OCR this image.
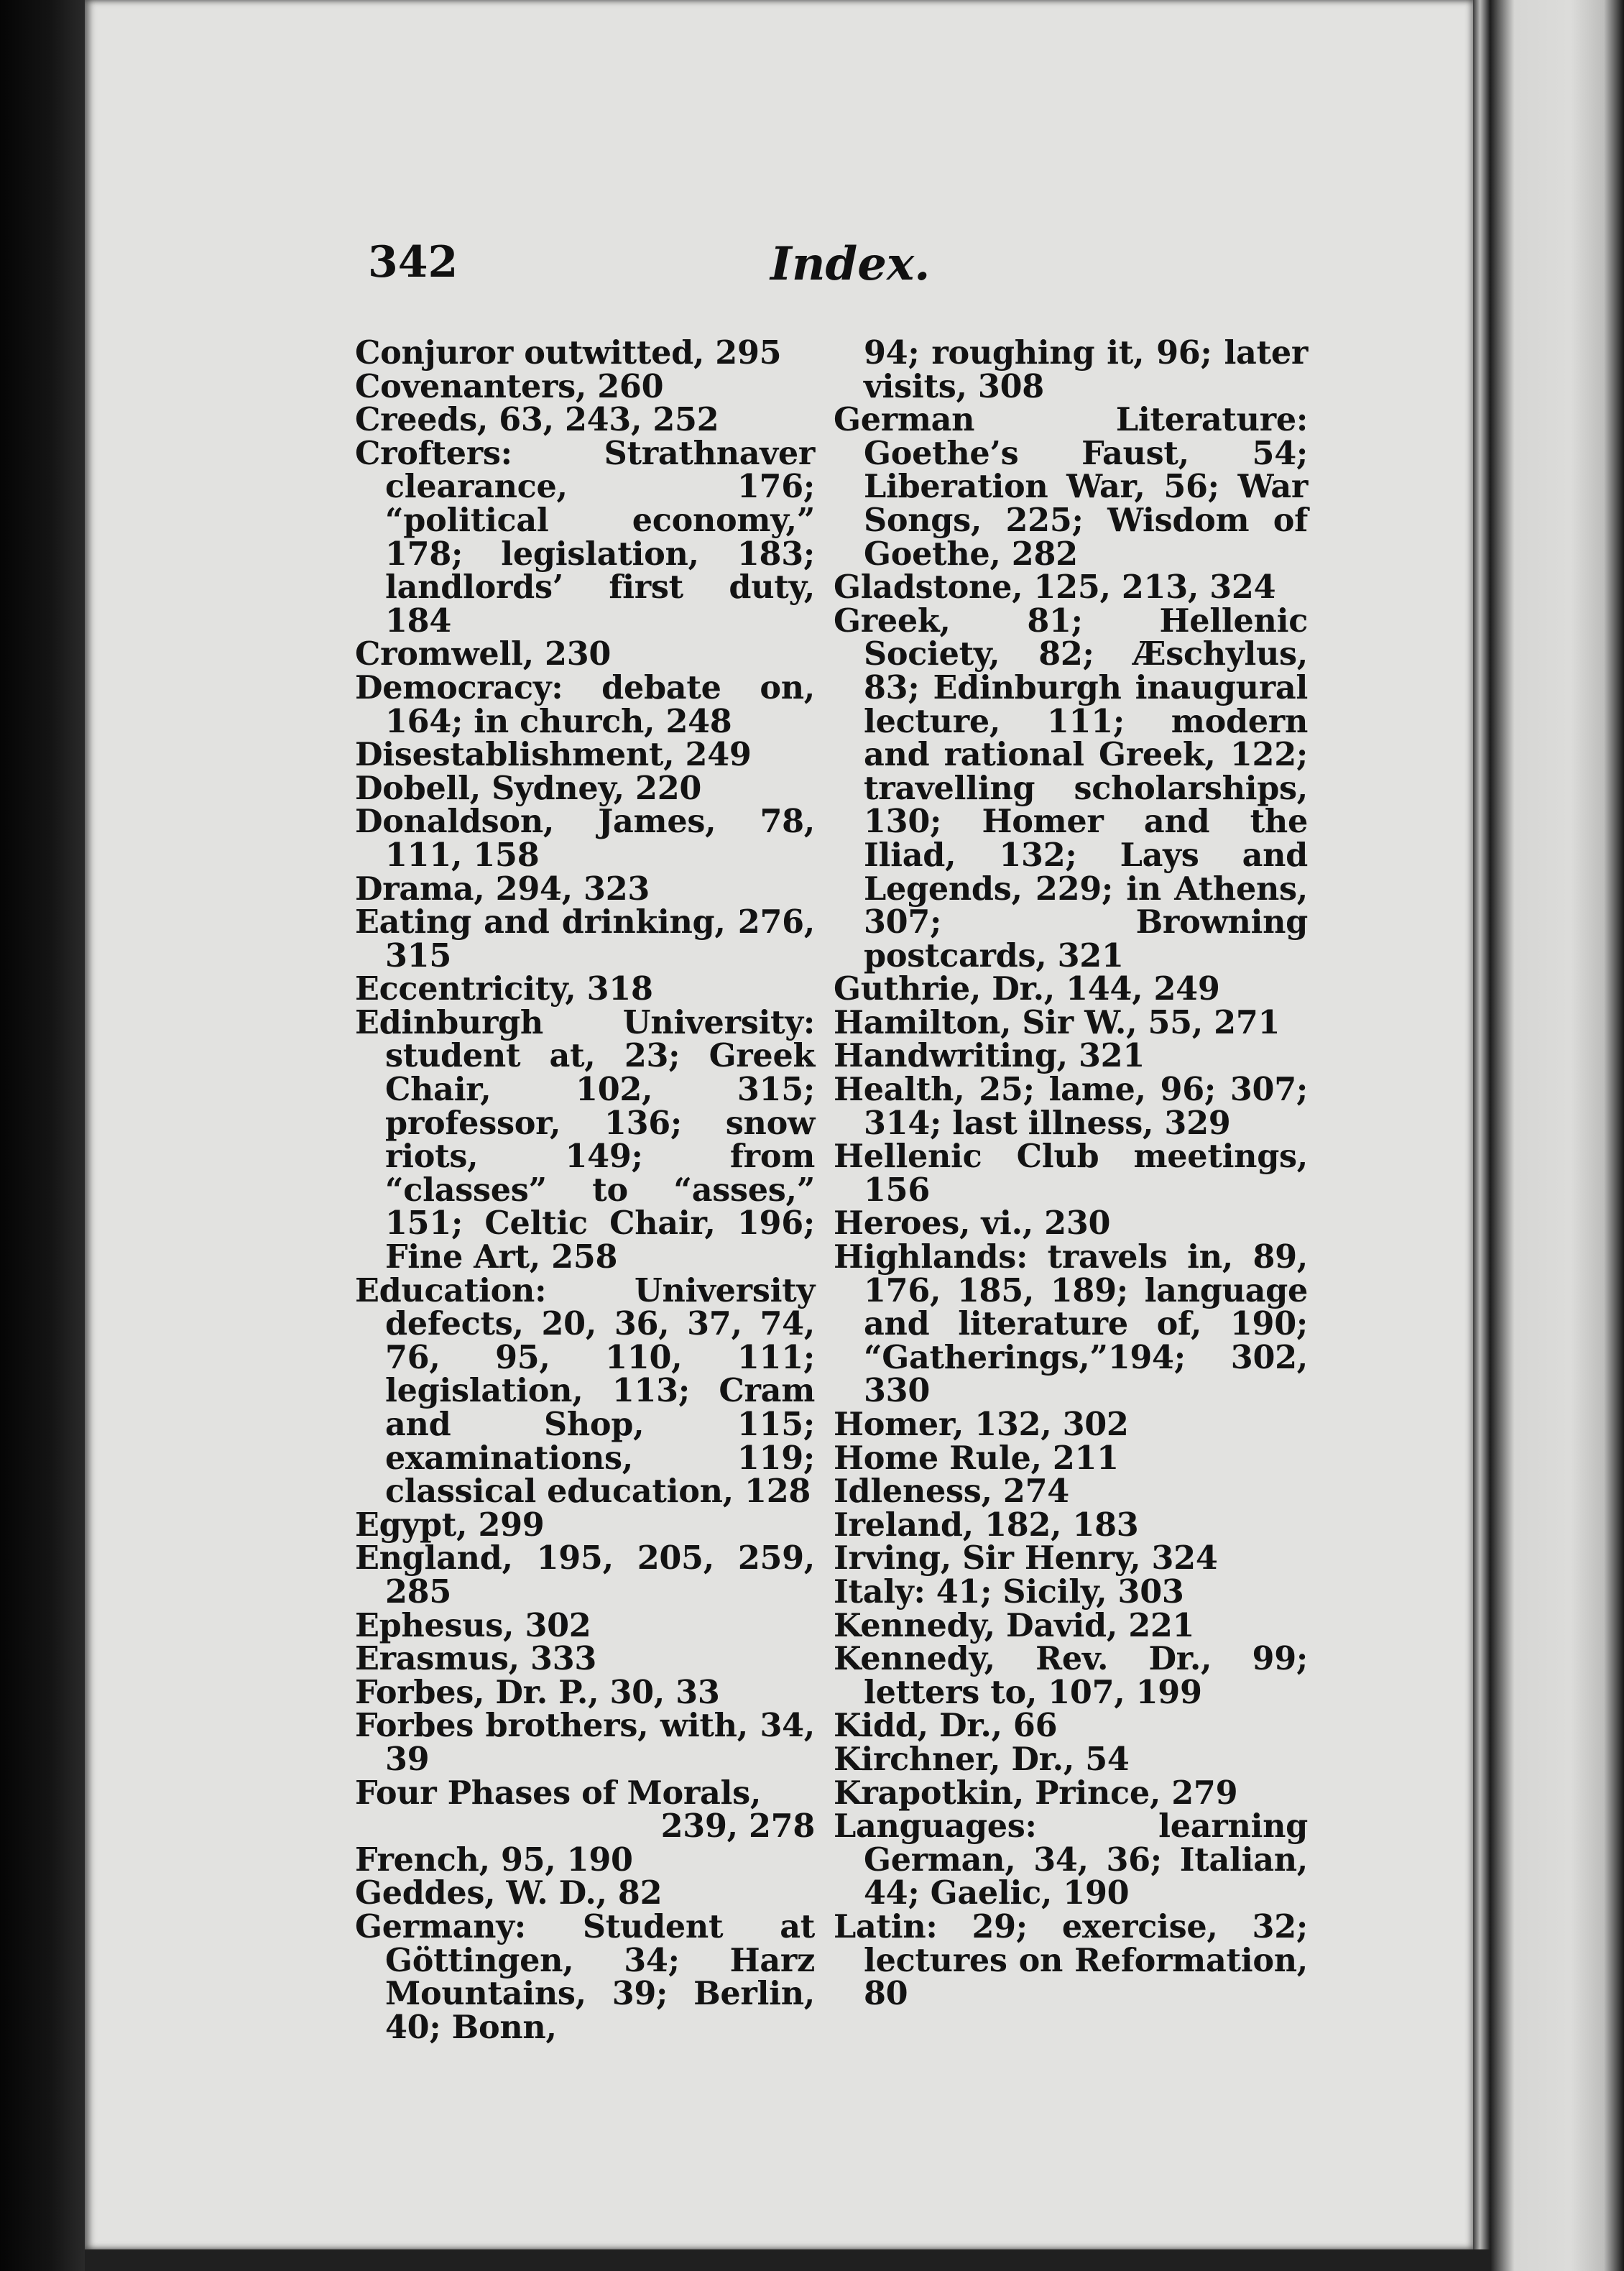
342	Index.
Conjuror outwitted, 295
Covenanters, 260
Creeds, 63, 243, 252
Crofters: Strathnaver clearance, 176; “political economy,” 178; legislation, 183; landlords’ first duty, 184
Cromwell, 230
Democracy: debate on, 164; in church, 248
Disestablishment, 249
Dobell, Sydney, 220
Donaldson, James, 78, 111, 158
Drama, 294, 323
Eating and drinking, 276, 315
Eccentricity, 318
Edinburgh University: student at, 23; Greek Chair, 102, 315; professor, 136; snow riots, 149; from “classes” to “asses,” 151; Celtic Chair, 196; Fine Art, 258
Education: University defects, 20, 36, 37, 74, 76, 95, 110, 111; legislation, 113; Cram and Shop, 115; examinations, 119; classical education, 128
Egypt, 299
England, 195, 205, 259, 285
Ephesus, 302
Erasmus, 333
Forbes, Dr. P., 30, 33
Forbes brothers, with, 34, 39
Four Phases of Morals,
239, 278
French, 95, 190
Geddes, W. D., 82
Germany: Student at Göttingen, 34; Harz Mountains, 39; Berlin, 40; Bonn,
94; roughing it, 96; later visits, 308
German Literature: Goethe’s Faust, 54; Liberation War, 56; War Songs, 225; Wisdom of Goethe, 282
Gladstone, 125, 213, 324
Greek, 81; Hellenic Society, 82; Æschylus, 83; Edinburgh inaugural lecture, 111; modern and rational Greek, 122; travelling scholarships, 130; Homer and the Iliad, 132; Lays and Legends, 229; in Athens, 307; Browning postcards, 321
Guthrie, Dr., 144, 249
Hamilton, Sir W., 55, 271
Handwriting, 321
Health, 25; lame, 96; 307; 314; last illness, 329
Hellenic Club meetings, 156
Heroes, vi., 230
Highlands: travels in, 89, 176, 185, 189; language and literature of, 190; “Gatherings,”194; 302, 330
Homer, 132, 302
Home Rule, 211
Idleness, 274
Ireland, 182, 183
Irving, Sir Henry, 324
Italy: 41; Sicily, 303
Kennedy, David, 221
Kennedy, Rev. Dr., 99; letters to, 107, 199
Kidd, Dr., 66
Kirchner, Dr., 54
Krapotkin, Prince, 279
Languages: learning German, 34, 36; Italian, 44; Gaelic, 190
Latin: 29; exercise, 32; lectures on Reformation, 80
